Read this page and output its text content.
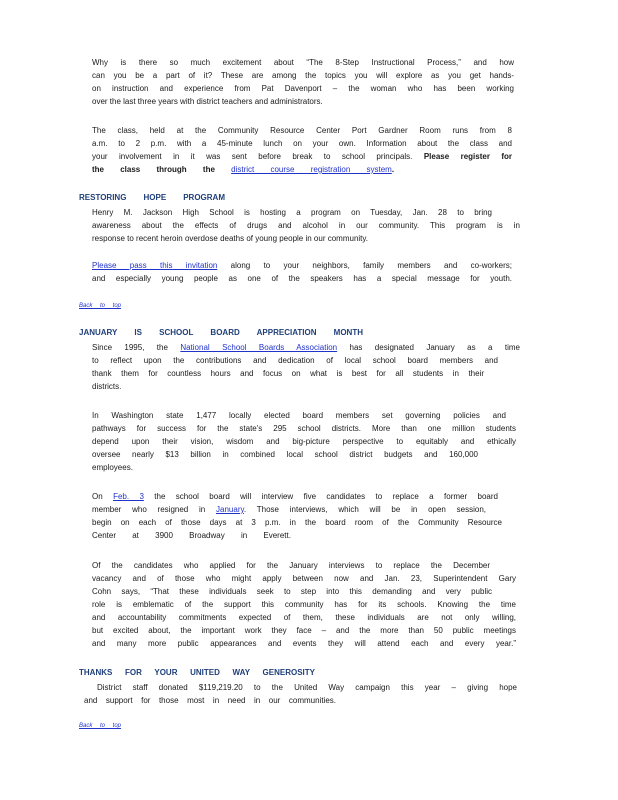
Why is there so much excitement about “The 8-Step Instructional Process,” and how

can you be a part of it? These are among the topics you will explore as you get hands-

on instruction and experience from Pat Davenport – the woman who has been working

over the last three years with district teachers and administrators.

The class, held at the Community Resource Center Port Gardner Room runs from 8

a.m. to 2 p.m. with a 45-minute lunch on your own. Information about the class and

your involvement in it was sent before break to school principals. Please register for

the class through the district course registration system.

RESTORING HOPE PROGRAM

Henry M. Jackson High School is hosting a program on Tuesday, Jan. 28 to bring

awareness about the effects of drugs and alcohol in our community. This program is in

response to recent heroin overdose deaths of young people in our community.

Please pass this invitation along to your neighbors, family members and co-workers;

and especially young people as one of the speakers has a special message for youth.

Back to top
JANUARY IS SCHOOL BOARD APPRECIATION MONTH

Since 1995, the National School Boards Association has designated January as a time

to reflect upon the contributions and dedication of local school board members and

thank them for countless hours and focus on what is best for all students in their

districts.

In Washington state 1,477 locally elected board members set governing policies and

pathways for success for the state's 295 school districts. More than one million students

depend upon their vision, wisdom and big-picture perspective to equitably and ethically

oversee nearly $13 billion in combined local school district budgets and 160,000

employees.

On Feb. 3 the school board will interview five candidates to replace a former board

member who resigned in January. Those interviews, which will be in open session,

begin on each of those days at 3 p.m. in the board room of the Community Resource

Center at 3900 Broadway in Everett.

Of the candidates who applied for the January interviews to replace the December

vacancy and of those who might apply between now and Jan. 23, Superintendent Gary

Cohn says, “That these individuals seek to step into this demanding and very public

role is emblematic of the support this community has for its schools. Knowing the time

and accountability commitments expected of them, these individuals are not only willing,

but excited about, the important work they face – and the more than 50 public meetings

and many more public appearances and events they will attend each and every year.”

THANKS FOR YOUR UNITED WAY GENEROSITY

District staff donated $119,219.20 to the United Way campaign this year – giving hope

and support for those most in need in our communities.

Back to top
